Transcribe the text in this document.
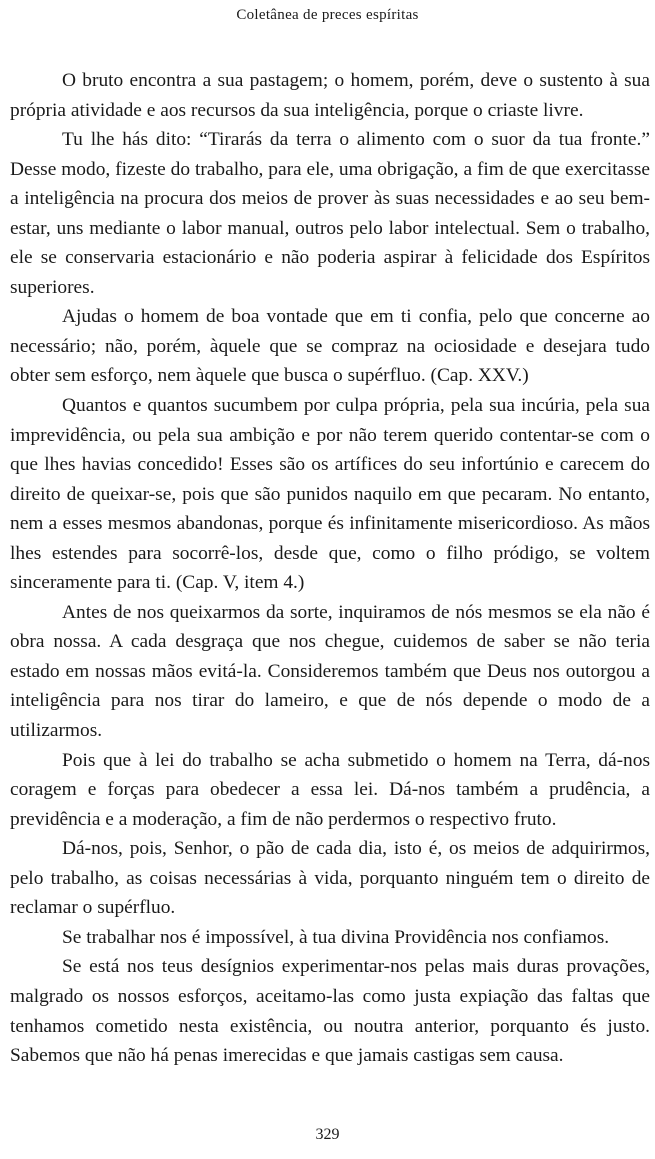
Coletânea de preces espíritas

O bruto encontra a sua pastagem; o homem, porém, deve o sustento à sua própria atividade e aos recursos da sua inteligência, porque o criaste livre.

Tu lhe hás dito: “Tirarás da terra o alimento com o suor da tua fronte.” Desse modo, fizeste do trabalho, para ele, uma obrigação, a fim de que exercitasse a inteligência na procura dos meios de prover às suas necessidades e ao seu bem-estar, uns mediante o labor manual, outros pelo labor intelectual. Sem o trabalho, ele se conservaria estacionário e não poderia aspirar à felicidade dos Espíritos superiores.

Ajudas o homem de boa vontade que em ti confia, pelo que concerne ao necessário; não, porém, àquele que se compraz na ociosidade e desejara tudo obter sem esforço, nem àquele que busca o supérfluo. (Cap. XXV.)

Quantos e quantos sucumbem por culpa própria, pela sua incúria, pela sua imprevidência, ou pela sua ambição e por não terem querido contentar-se com o que lhes havias concedido! Esses são os artífices do seu infortúnio e carecem do direito de queixar-se, pois que são punidos naquilo em que pecaram. No entanto, nem a esses mesmos abandonas, porque és infinitamente misericordioso. As mãos lhes estendes para socorrê-los, desde que, como o filho pródigo, se voltem sinceramente para ti. (Cap. V, item 4.)

Antes de nos queixarmos da sorte, inquiramos de nós mesmos se ela não é obra nossa. A cada desgraça que nos chegue, cuidemos de saber se não teria estado em nossas mãos evitá-la. Consideremos também que Deus nos outorgou a inteligência para nos tirar do lameiro, e que de nós depende o modo de a utilizarmos.

Pois que à lei do trabalho se acha submetido o homem na Terra, dá-nos coragem e forças para obedecer a essa lei. Dá-nos também a prudência, a previdência e a moderação, a fim de não perdermos o respectivo fruto.

Dá-nos, pois, Senhor, o pão de cada dia, isto é, os meios de adquirirmos, pelo trabalho, as coisas necessárias à vida, porquanto ninguém tem o direito de reclamar o supérfluo.

Se trabalhar nos é impossível, à tua divina Providência nos confiamos.

Se está nos teus desígnios experimentar-nos pelas mais duras provações, malgrado os nossos esforços, aceitamo-las como justa expiação das faltas que tenhamos cometido nesta existência, ou noutra anterior, porquanto és justo. Sabemos que não há penas imerecidas e que jamais castigas sem causa.

329
